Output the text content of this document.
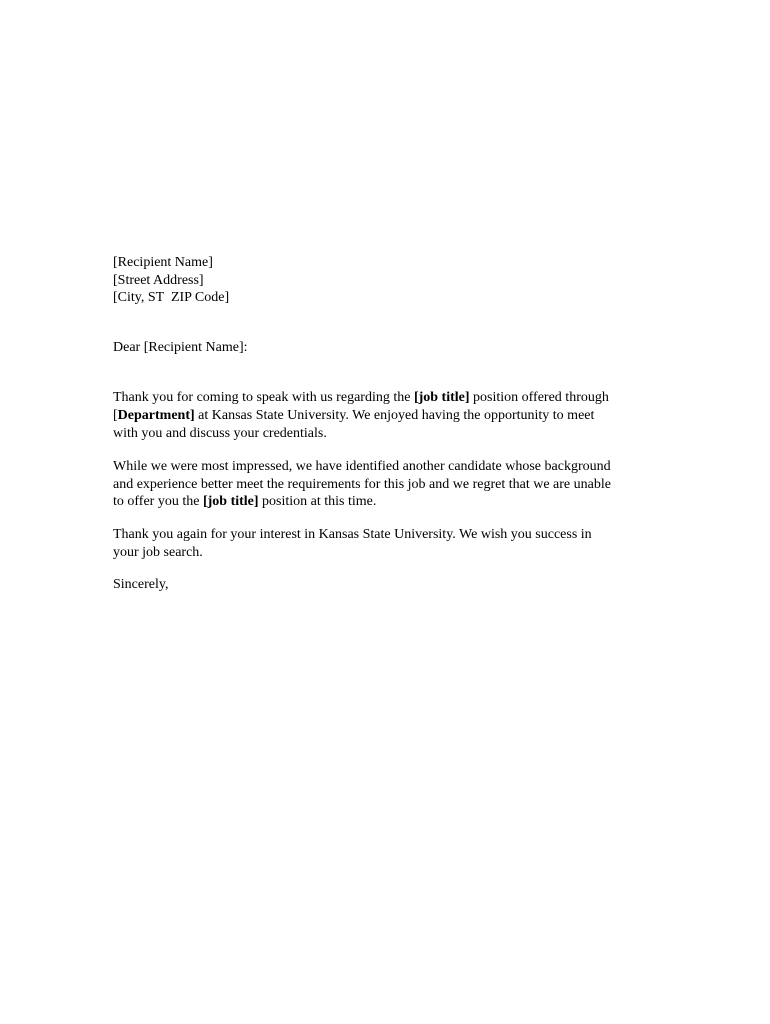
[Recipient Name]
[Street Address]
[City, ST  ZIP Code]
Dear [Recipient Name]:
Thank you for coming to speak with us regarding the [job title] position offered through
[Department] at Kansas State University. We enjoyed having the opportunity to meet
with you and discuss your credentials.
While we were most impressed, we have identified another candidate whose background
and experience better meet the requirements for this job and we regret that we are unable
to offer you the [job title] position at this time.
Thank you again for your interest in Kansas State University. We wish you success in
your job search.
Sincerely,
